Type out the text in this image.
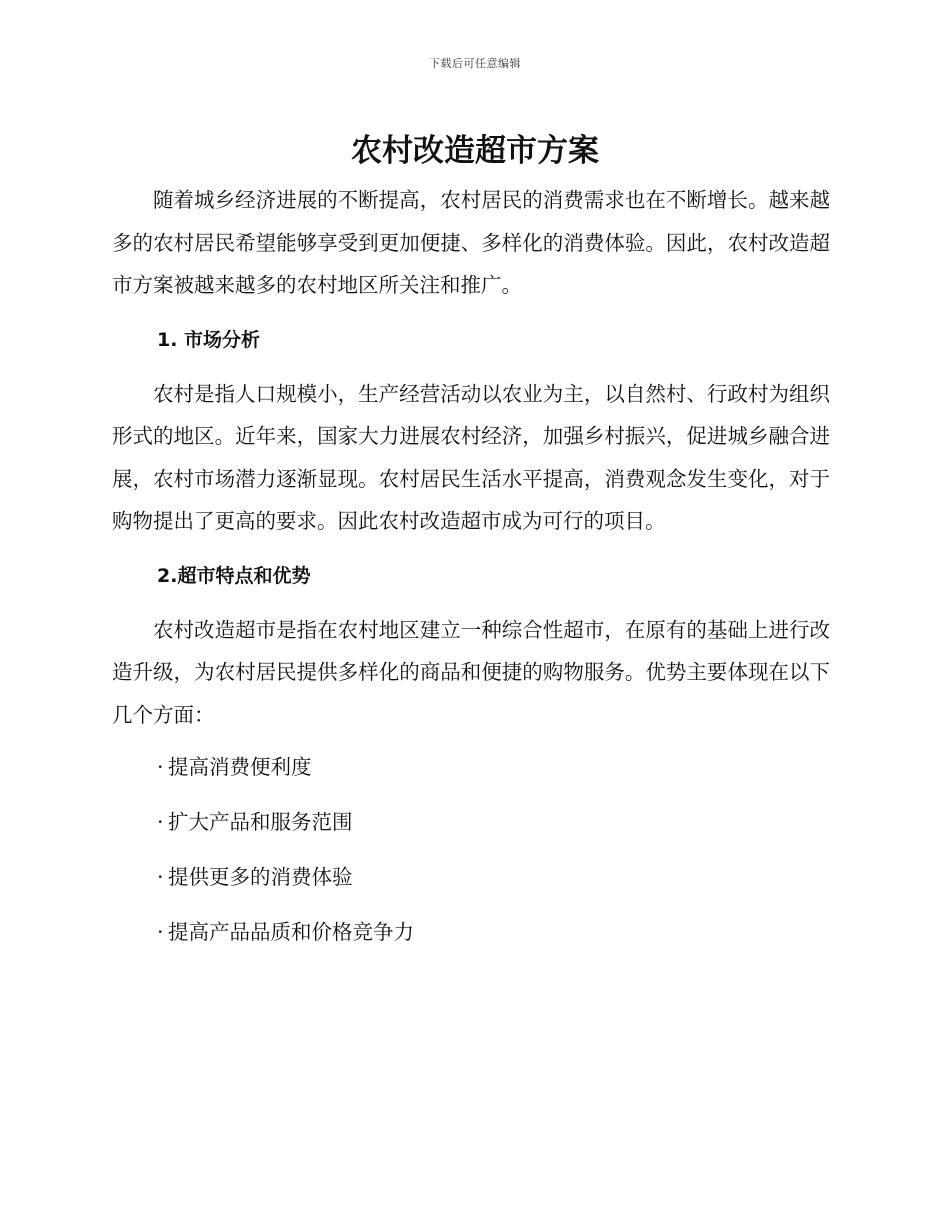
下载后可任意编辑
农村改造超市方案

随着城乡经济进展的不断提高，农村居民的消费需求也在不断增长。越来越多的农村居民希望能够享受到更加便捷、多样化的消费体验。因此，农村改造超市方案被越来越多的农村地区所关注和推广。

1. 市场分析

农村是指人口规模小，生产经营活动以农业为主，以自然村、行政村为组织形式的地区。近年来，国家大力进展农村经济，加强乡村振兴，促进城乡融合进展，农村市场潜力逐渐显现。农村居民生活水平提高，消费观念发生变化，对于购物提出了更高的要求。因此农村改造超市成为可行的项目。

2.超市特点和优势

农村改造超市是指在农村地区建立一种综合性超市，在原有的基础上进行改造升级，为农村居民提供多样化的商品和便捷的购物服务。优势主要体现在以下几个方面：

· 提高消费便利度
· 扩大产品和服务范围
· 提供更多的消费体验
· 提高产品品质和价格竞争力
